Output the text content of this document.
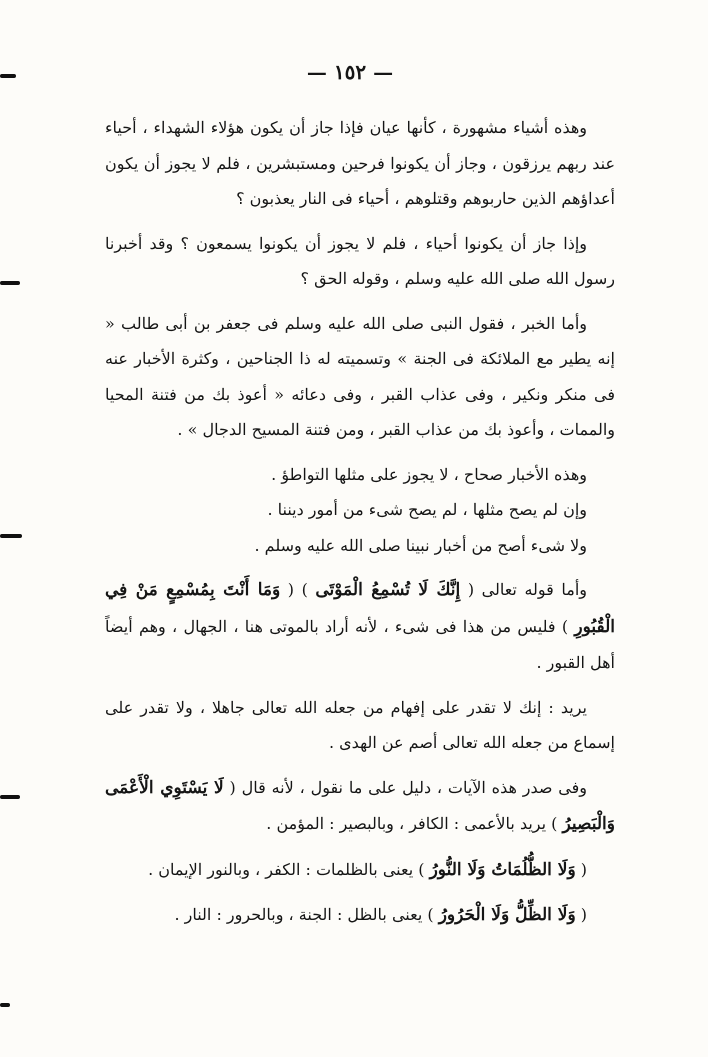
— ١٥٢ —

وهذه أشياء مشهورة ، كأنها عيان فإذا جاز أن يكون هؤلاء الشهداء ، أحياء عند ربهم يرزقون ، وجاز أن يكونوا فرحين ومستبشرين ، فلم لا يجوز أن يكون أعداؤهم الذين حاربوهم وقتلوهم ، أحياء فى النار يعذبون ؟

وإذا جاز أن يكونوا أحياء ، فلم لا يجوز أن يكونوا يسمعون ؟ وقد أخبرنا رسول الله صلى الله عليه وسلم ، وقوله الحق ؟

وأما الخبر ، فقول النبى صلى الله عليه وسلم فى جعفر بن أبى طالب « إنه يطير مع الملائكة فى الجنة » وتسميته له ذا الجناحين ، وكثرة الأخبار عنه فى منكر ونكير ، وفى عذاب القبر ، وفى دعائه « أعوذ بك من فتنة المحيا والممات ، وأعوذ بك من عذاب القبر ، ومن فتنة المسيح الدجال » .

وهذه الأخبار صحاح ، لا يجوز على مثلها التواطؤ .

وإن لم يصح مثلها ، لم يصح شىء من أمور ديننا .

ولا شىء أصح من أخبار نبينا صلى الله عليه وسلم .

وأما قوله تعالى ( إِنَّكَ لَا تُسْمِعُ الْمَوْتَى ) ( وَمَا أَنْتَ بِمُسْمِعٍ مَنْ فِي الْقُبُورِ ) فليس من هذا فى شىء ، لأنه أراد بالموتى هنا ، الجهال ، وهم أيضاً أهل القبور .

يريد : إنك لا تقدر على إفهام من جعله الله تعالى جاهلا ، ولا تقدر على إسماع من جعله الله تعالى أصم عن الهدى .

وفى صدر هذه الآيات ، دليل على ما نقول ، لأنه قال ( لَا يَسْتَوِي الْأَعْمَى وَالْبَصِيرُ ) يريد بالأعمى : الكافر ، وبالبصير : المؤمن .

( وَلَا الظُّلُمَاتُ وَلَا النُّورُ ) يعنى بالظلمات : الكفر ، وبالنور الإيمان .

( وَلَا الظِّلُّ وَلَا الْحَرُورُ ) يعنى بالظل : الجنة ، وبالحرور : النار .
